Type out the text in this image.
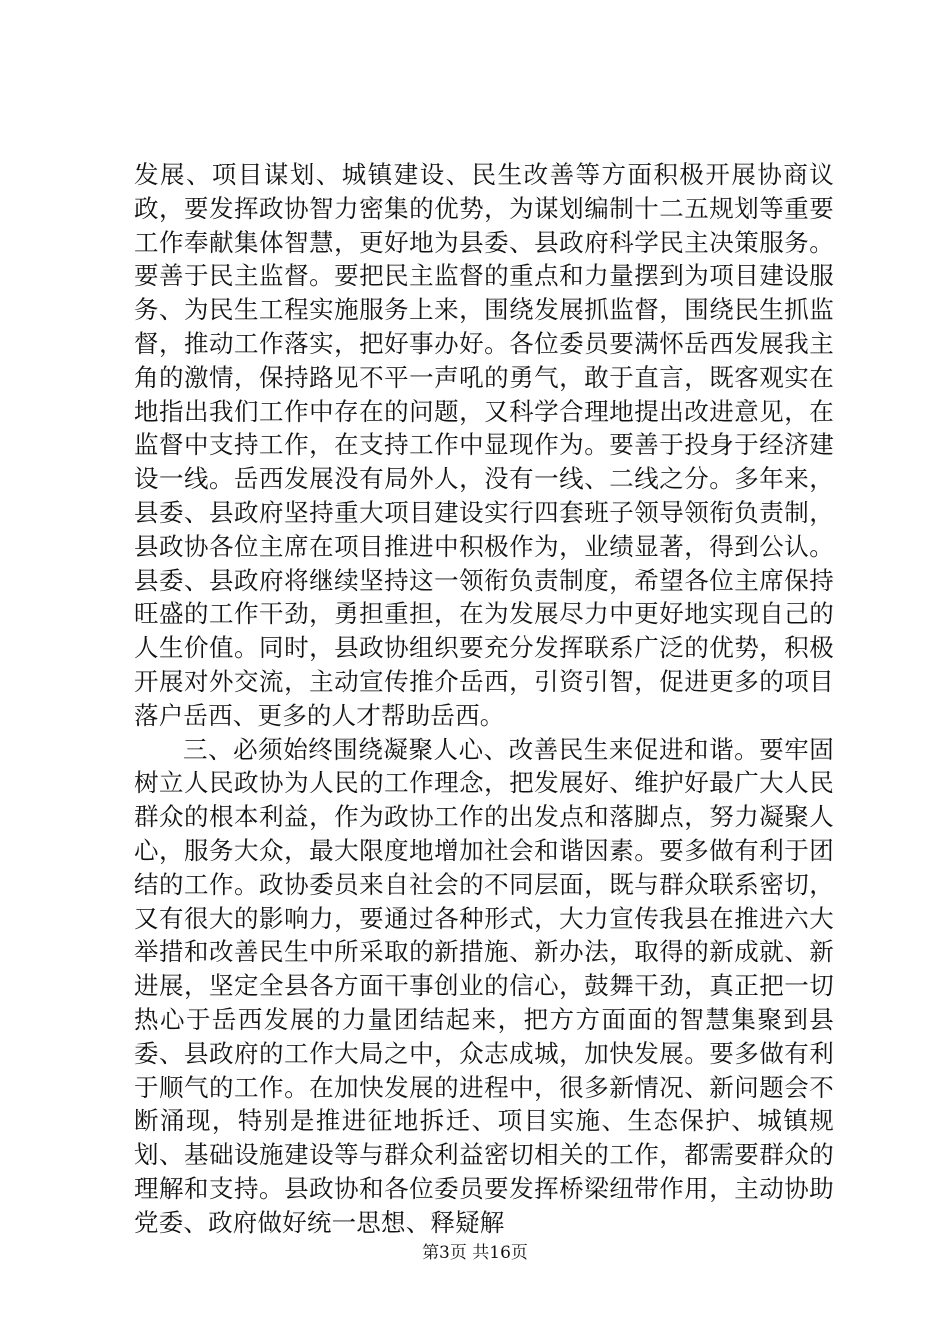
发展、项目谋划、城镇建设、民生改善等方面积极开展协商议政，要发挥政协智力密集的优势，为谋划编制十二五规划等重要工作奉献集体智慧，更好地为县委、县政府科学民主决策服务。要善于民主监督。要把民主监督的重点和力量摆到为项目建设服务、为民生工程实施服务上来，围绕发展抓监督，围绕民生抓监督，推动工作落实，把好事办好。各位委员要满怀岳西发展我主角的激情，保持路见不平一声吼的勇气，敢于直言，既客观实在地指出我们工作中存在的问题，又科学合理地提出改进意见，在监督中支持工作，在支持工作中显现作为。要善于投身于经济建设一线。岳西发展没有局外人，没有一线、二线之分。多年来，县委、县政府坚持重大项目建设实行四套班子领导领衔负责制，县政协各位主席在项目推进中积极作为，业绩显著，得到公认。县委、县政府将继续坚持这一领衔负责制度，希望各位主席保持旺盛的工作干劲，勇担重担，在为发展尽力中更好地实现自己的人生价值。同时，县政协组织要充分发挥联系广泛的优势，积极开展对外交流，主动宣传推介岳西，引资引智，促进更多的项目落户岳西、更多的人才帮助岳西。

三、必须始终围绕凝聚人心、改善民生来促进和谐。要牢固树立人民政协为人民的工作理念，把发展好、维护好最广大人民群众的根本利益，作为政协工作的出发点和落脚点，努力凝聚人心，服务大众，最大限度地增加社会和谐因素。要多做有利于团结的工作。政协委员来自社会的不同层面，既与群众联系密切，又有很大的影响力，要通过各种形式，大力宣传我县在推进六大举措和改善民生中所采取的新措施、新办法，取得的新成就、新进展，坚定全县各方面干事创业的信心，鼓舞干劲，真正把一切热心于岳西发展的力量团结起来，把方方面面的智慧集聚到县委、县政府的工作大局之中，众志成城，加快发展。要多做有利于顺气的工作。在加快发展的进程中，很多新情况、新问题会不断涌现，特别是推进征地拆迁、项目实施、生态保护、城镇规划、基础设施建设等与群众利益密切相关的工作，都需要群众的理解和支持。县政协和各位委员要发挥桥梁纽带作用，主动协助党委、政府做好统一思想、释疑解

第3页 共16页
